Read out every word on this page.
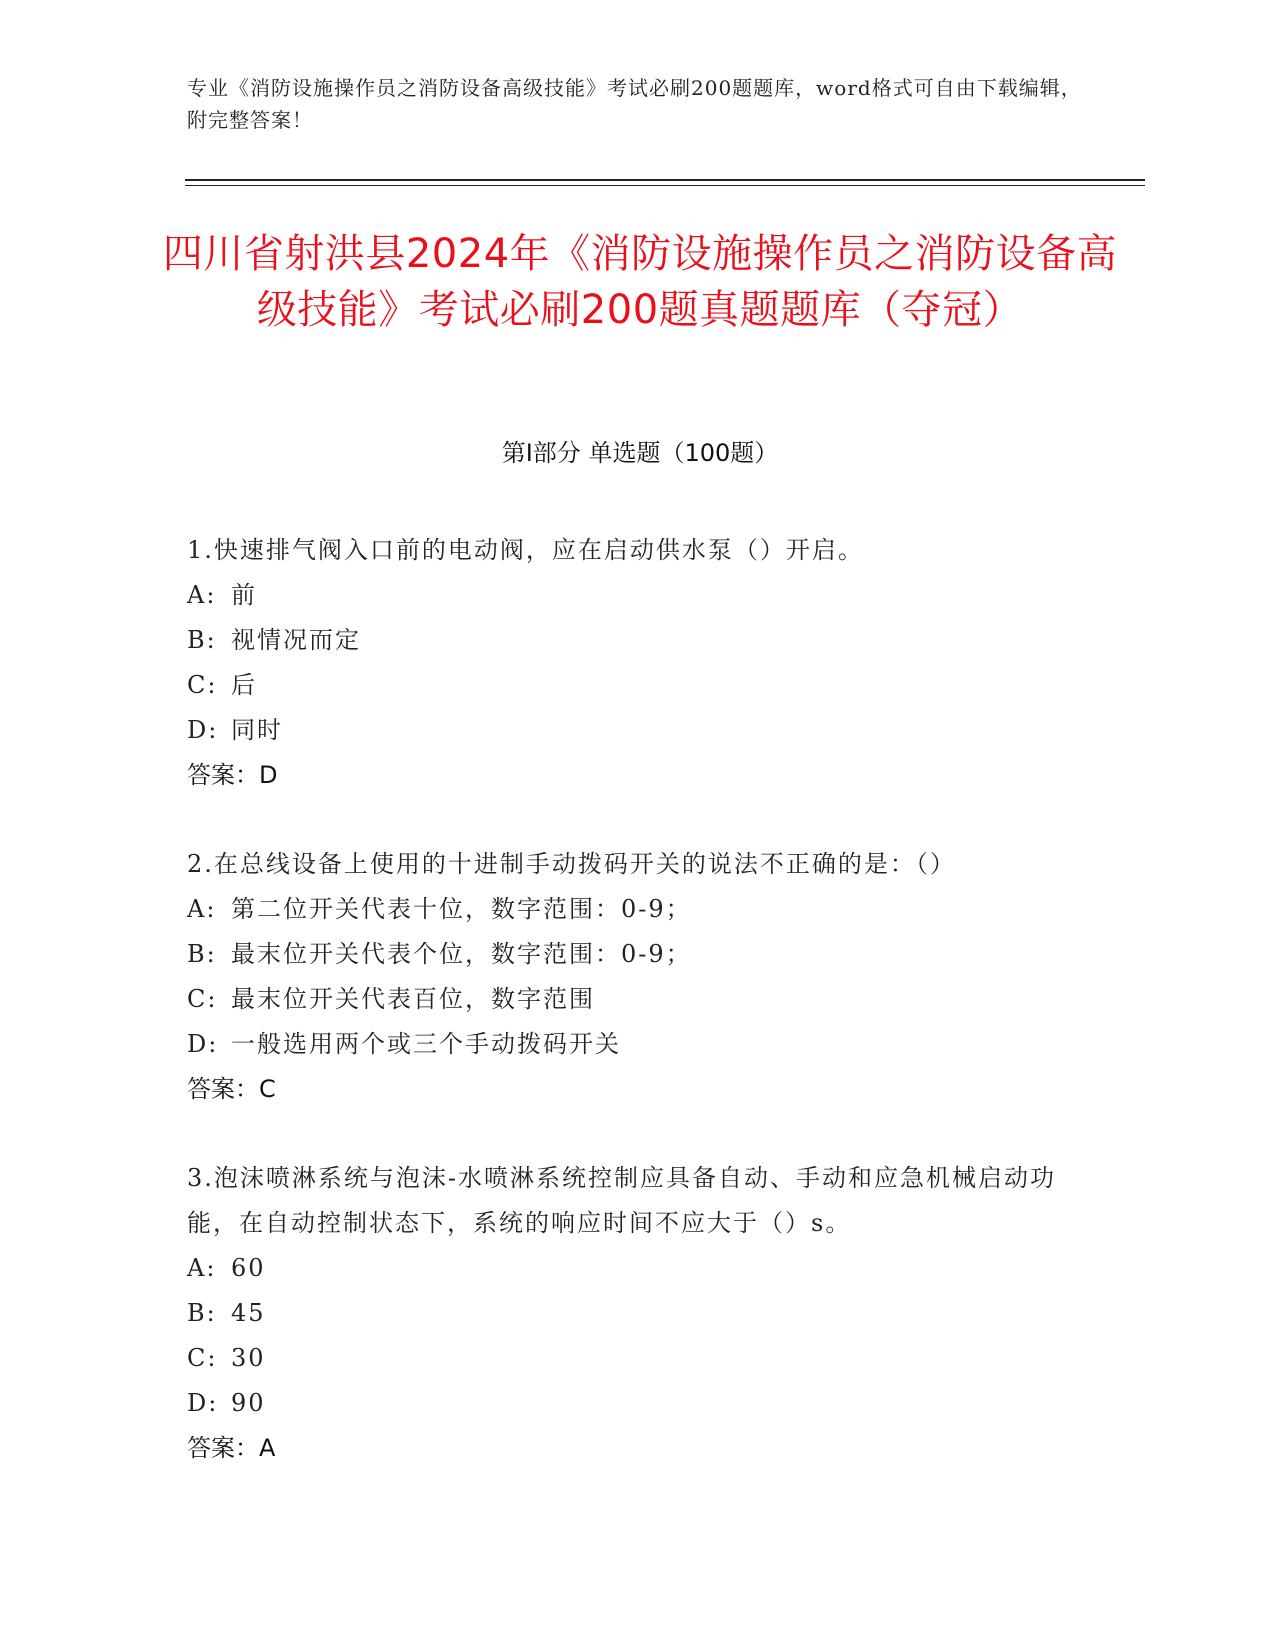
专业《消防设施操作员之消防设备高级技能》考试必刷200题题库，word格式可自由下载编辑，附完整答案！
四川省射洪县2024年《消防设施操作员之消防设备高级技能》考试必刷200题真题题库（夺冠）
第I部分 单选题（100题）
1.快速排气阀入口前的电动阀，应在启动供水泵（）开启。
A: 前
B: 视情况而定
C: 后
D: 同时
答案：D
2.在总线设备上使用的十进制手动拨码开关的说法不正确的是：（）
A: 第二位开关代表十位，数字范围：0-9；
B: 最末位开关代表个位，数字范围：0-9；
C: 最末位开关代表百位，数字范围
D: 一般选用两个或三个手动拨码开关
答案：C
3.泡沫喷淋系统与泡沫-水喷淋系统控制应具备自动、手动和应急机械启动功能，在自动控制状态下，系统的响应时间不应大于（）s。
A: 60
B: 45
C: 30
D: 90
答案：A
